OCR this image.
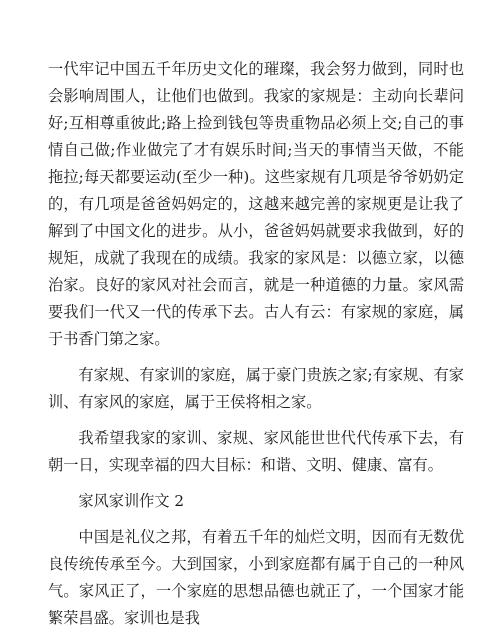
一代牢记中国五千年历史文化的璀璨，我会努力做到，同时也会影响周围人，让他们也做到。我家的家规是：主动向长辈问好;互相尊重彼此;路上捡到钱包等贵重物品必须上交;自己的事情自己做;作业做完了才有娱乐时间;当天的事情当天做，不能拖拉;每天都要运动(至少一种)。这些家规有几项是爷爷奶奶定的，有几项是爸爸妈妈定的，这越来越完善的家规更是让我了解到了中国文化的进步。从小，爸爸妈妈就要求我做到，好的规矩，成就了我现在的成绩。我家的家风是：以德立家，以德治家。良好的家风对社会而言，就是一种道德的力量。家风需要我们一代又一代的传承下去。古人有云：有家规的家庭，属于书香门第之家。

有家规、有家训的家庭，属于豪门贵族之家;有家规、有家训、有家风的家庭，属于王侯将相之家。

我希望我家的家训、家规、家风能世世代代传承下去，有朝一日，实现幸福的四大目标：和谐、文明、健康、富有。

家风家训作文 2

中国是礼仪之邦，有着五千年的灿烂文明，因而有无数优良传统传承至今。大到国家，小到家庭都有属于自己的一种风气。家风正了，一个家庭的思想品德也就正了，一个国家才能繁荣昌盛。家训也是我
